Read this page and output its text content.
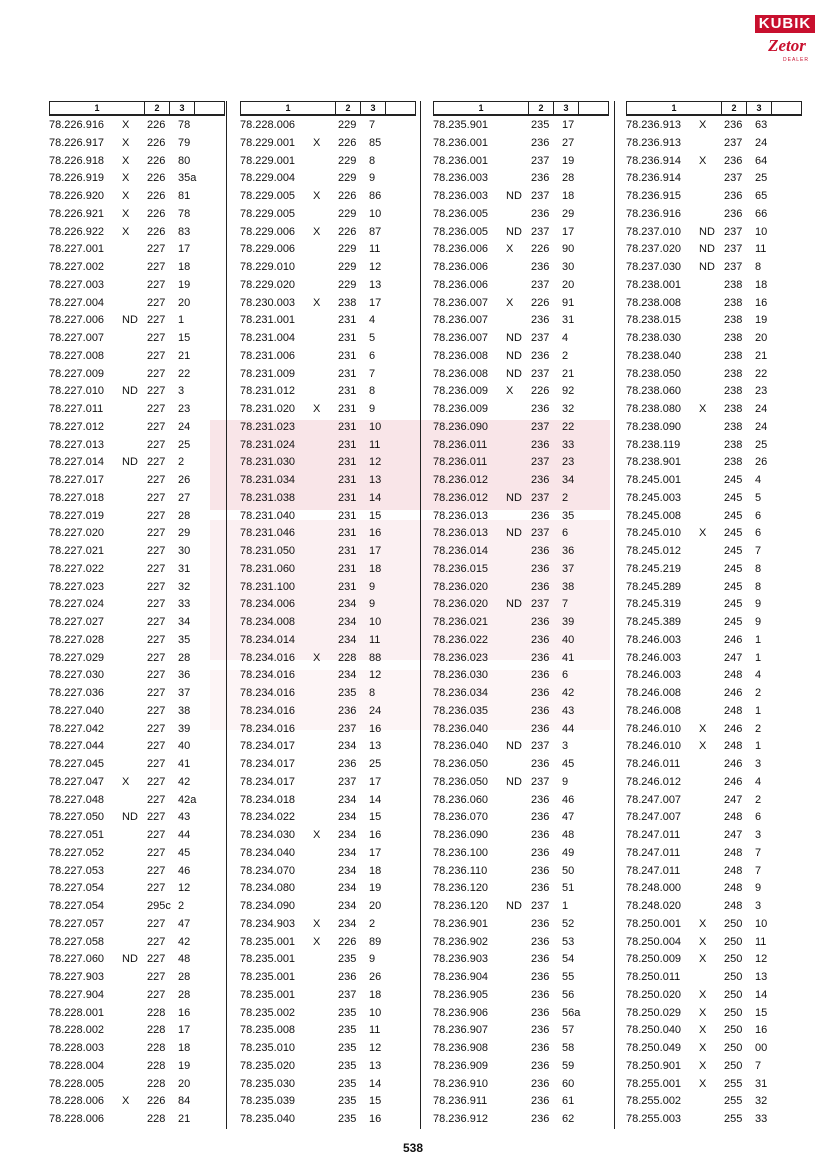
KUBIK
Zetor
DEALER
1	2	3
78.226.916 X 226 78
78.226.917 X 226 79
78.226.918 X 226 80
78.226.919 X 226 35a
78.226.920 X 226 81
78.226.921 X 226 78
78.226.922 X 226 83
78.227.001	227 17
78.227.002	227 18
78.227.003	227 19
78.227.004	227 20
78.227.006 ND 227 1
78.227.007	227 15
78.227.008	227 21
78.227.009	227 22
78.227.010 ND 227 3
78.227.011	227 23
78.227.012	227 24
78.227.013	227 25
78.227.014 ND 227 2
78.227.017	227 26
78.227.018	227 27
78.227.019	227 28
78.227.020	227 29
78.227.021	227 30
78.227.022	227 31
78.227.023	227 32
78.227.024	227 33
78.227.027	227 34
78.227.028	227 35
78.227.029	227 28
78.227.030	227 36
78.227.036	227 37
78.227.040	227 38
78.227.042	227 39
78.227.044	227 40
78.227.045	227 41
78.227.047 X 227 42
78.227.048	227 42a
78.227.050 ND 227 43
78.227.051	227 44
78.227.052	227 45
78.227.053	227 46
78.227.054	227 12
78.227.054	295c 2
78.227.057	227 47
78.227.058	227 42
78.227.060 ND 227 48
78.227.903	227 28
78.227.904	227 28
78.228.001	228 16
78.228.002	228 17
78.228.003	228 18
78.228.004	228 19
78.228.005	228 20
78.228.006 X 226 84
78.228.006	228 21
1	2	3
78.228.006	229 7
78.229.001 X 226 85
78.229.001	229 8
78.229.004	229 9
78.229.005 X 226 86
78.229.005	229 10
78.229.006 X 226 87
78.229.006	229 11
78.229.010	229 12
78.229.020	229 13
78.230.003 X 238 17
78.231.001	231 4
78.231.004	231 5
78.231.006	231 6
78.231.009	231 7
78.231.012	231 8
78.231.020 X 231 9
78.231.023	231 10
78.231.024	231 11
78.231.030	231 12
78.231.034	231 13
78.231.038	231 14
78.231.040	231 15
78.231.046	231 16
78.231.050	231 17
78.231.060	231 18
78.231.100	231 9
78.234.006	234 9
78.234.008	234 10
78.234.014	234 11
78.234.016 X 228 88
78.234.016	234 12
78.234.016	235 8
78.234.016	236 24
78.234.016	237 16
78.234.017	234 13
78.234.017	236 25
78.234.017	237 17
78.234.018	234 14
78.234.022	234 15
78.234.030 X 234 16
78.234.040	234 17
78.234.070	234 18
78.234.080	234 19
78.234.090	234 20
78.234.903 X 234 2
78.235.001 X 226 89
78.235.001	235 9
78.235.001	236 26
78.235.001	237 18
78.235.002	235 10
78.235.008	235 11
78.235.010	235 12
78.235.020	235 13
78.235.030	235 14
78.235.039	235 15
78.235.040	235 16
1	2	3
78.235.901	235 17
78.236.001	236 27
78.236.001	237 19
78.236.003	236 28
78.236.003 ND 237 18
78.236.005	236 29
78.236.005 ND 237 17
78.236.006 X 226 90
78.236.006	236 30
78.236.006	237 20
78.236.007 X 226 91
78.236.007	236 31
78.236.007 ND 237 4
78.236.008 ND 236 2
78.236.008 ND 237 21
78.236.009 X 226 92
78.236.009	236 32
78.236.090	237 22
78.236.011	236 33
78.236.011	237 23
78.236.012	236 34
78.236.012 ND 237 2
78.236.013	236 35
78.236.013 ND 237 6
78.236.014	236 36
78.236.015	236 37
78.236.020	236 38
78.236.020 ND 237 7
78.236.021	236 39
78.236.022	236 40
78.236.023	236 41
78.236.030	236 6
78.236.034	236 42
78.236.035	236 43
78.236.040	236 44
78.236.040 ND 237 3
78.236.050	236 45
78.236.050 ND 237 9
78.236.060	236 46
78.236.070	236 47
78.236.090	236 48
78.236.100	236 49
78.236.110	236 50
78.236.120	236 51
78.236.120 ND 237 1
78.236.901	236 52
78.236.902	236 53
78.236.903	236 54
78.236.904	236 55
78.236.905	236 56
78.236.906	236 56a
78.236.907	236 57
78.236.908	236 58
78.236.909	236 59
78.236.910	236 60
78.236.911	236 61
78.236.912	236 62
1	2	3
78.236.913 X 236 63
78.236.913	237 24
78.236.914 X 236 64
78.236.914	237 25
78.236.915	236 65
78.236.916	236 66
78.237.010 ND 237 10
78.237.020 ND 237 11
78.237.030 ND 237 8
78.238.001	238 18
78.238.008	238 16
78.238.015	238 19
78.238.030	238 20
78.238.040	238 21
78.238.050	238 22
78.238.060	238 23
78.238.080 X 238 24
78.238.090	238 24
78.238.119	238 25
78.238.901	238 26
78.245.001	245 4
78.245.003	245 5
78.245.008	245 6
78.245.010 X 245 6
78.245.012	245 7
78.245.219	245 8
78.245.289	245 8
78.245.319	245 9
78.245.389	245 9
78.246.003	246 1
78.246.003	247 1
78.246.003	248 4
78.246.008	246 2
78.246.008	248 1
78.246.010 X 246 2
78.246.010 X 248 1
78.246.011	246 3
78.246.012	246 4
78.247.007	247 2
78.247.007	248 6
78.247.011	247 3
78.247.011	248 7
78.247.011	248 7
78.248.000	248 9
78.248.020	248 3
78.250.001 X 250 10
78.250.004 X 250 11
78.250.009 X 250 12
78.250.011	250 13
78.250.020 X 250 14
78.250.029 X 250 15
78.250.040 X 250 16
78.250.049 X 250 00
78.250.901 X 250 7
78.255.001 X 255 31
78.255.002	255 32
78.255.003	255 33
538
